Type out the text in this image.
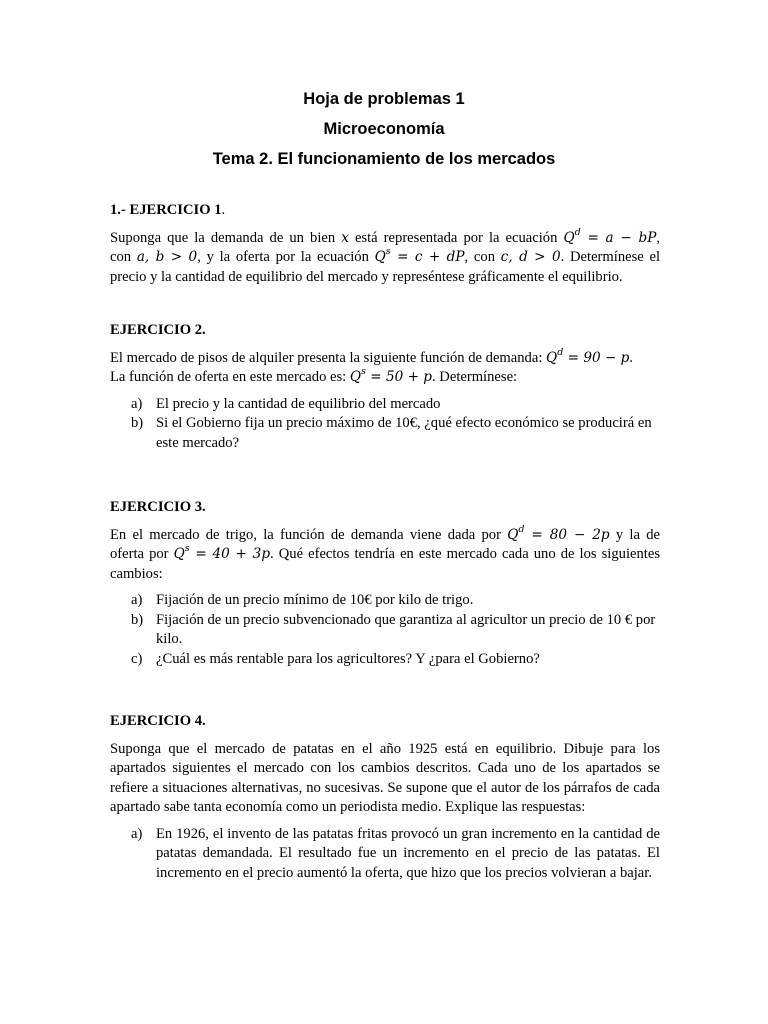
Hoja de problemas 1
Microeconomía
Tema 2. El funcionamiento de los mercados

1.- EJERCICIO 1.

Suponga que la demanda de un bien x está representada por la ecuación $Q^d = a$ − bP,

con a, b > 0, y la oferta por la ecuación $Q^s = c$ + dP, con c, d > 0. Determínese el

precio y la cantidad de equilibrio del mercado y represéntese gráficamente el equilibrio.

EJERCICIO 2.

El mercado de pisos de alquiler presenta la siguiente función de demanda: $Q^d = 90 - p$.

La función de oferta en este mercado es: $Q^s = 50 + p$. Determínese:

a) El precio y la cantidad de equilibrio del mercado
b) Si el Gobierno fija un precio máximo de 10€, ¿qué efecto económico se producirá en este mercado?

EJERCICIO 3.

En el mercado de trigo, la función de demanda viene dada por $Q^d = 80 - 2p$ y la de

oferta por $Q^s = 40 + 3p$. Qué efectos tendría en este mercado cada uno de los siguientes

cambios:

a) Fijación de un precio mínimo de 10€ por kilo de trigo.
b) Fijación de un precio subvencionado que garantiza al agricultor un precio de 10 € por kilo.
c) ¿Cuál es más rentable para los agricultores? Y ¿para el Gobierno?

EJERCICIO 4.

Suponga que el mercado de patatas en el año 1925 está en equilibrio. Dibuje para los apartados siguientes el mercado con los cambios descritos. Cada uno de los apartados se refiere a situaciones alternativas, no sucesivas. Se supone que el autor de los párrafos de cada apartado sabe tanta economía como un periodista medio. Explique las respuestas:

a) En 1926, el invento de las patatas fritas provocó un gran incremento en la cantidad de patatas demandada. El resultado fue un incremento en el precio de las patatas. El incremento en el precio aumentó la oferta, que hizo que los precios volvieran a bajar.
